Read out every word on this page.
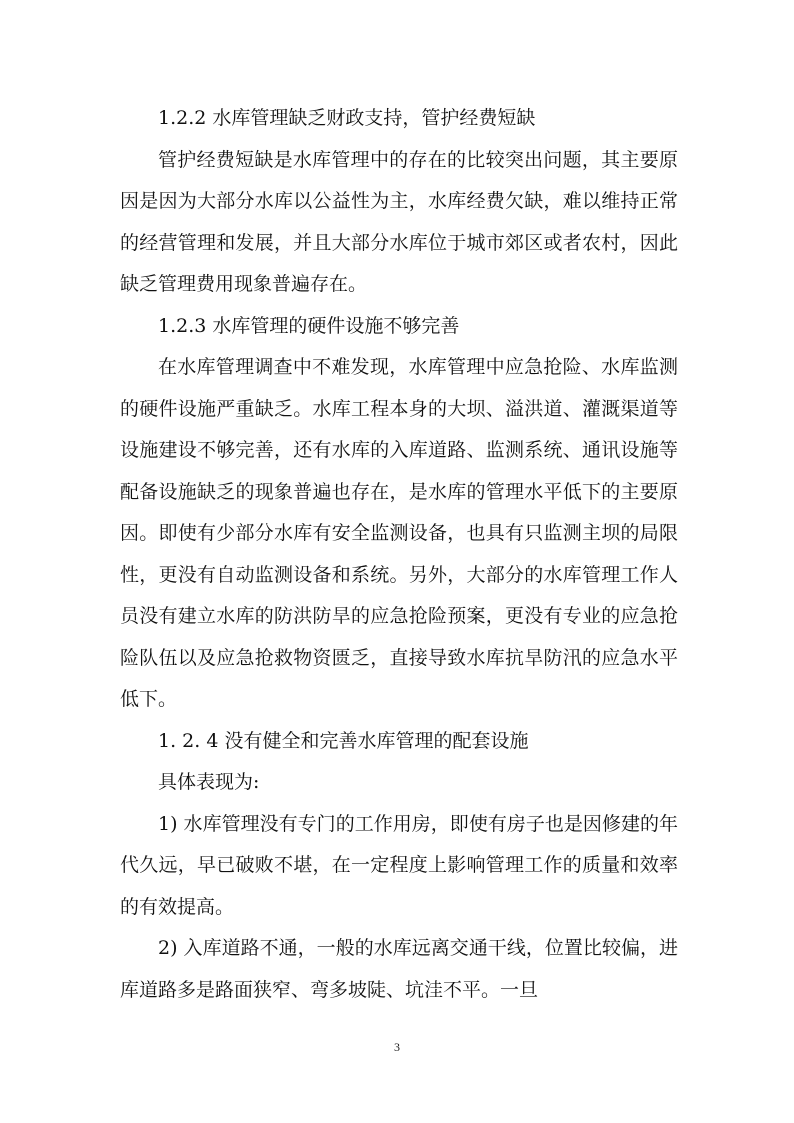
1.2.2 水库管理缺乏财政支持，管护经费短缺

管护经费短缺是水库管理中的存在的比较突出问题，其主要原因是因为大部分水库以公益性为主，水库经费欠缺，难以维持正常的经营管理和发展，并且大部分水库位于城市郊区或者农村，因此缺乏管理费用现象普遍存在。

1.2.3 水库管理的硬件设施不够完善

在水库管理调查中不难发现，水库管理中应急抢险、水库监测的硬件设施严重缺乏。水库工程本身的大坝、溢洪道、灌溉渠道等设施建设不够完善，还有水库的入库道路、监测系统、通讯设施等配备设施缺乏的现象普遍也存在，是水库的管理水平低下的主要原因。即使有少部分水库有安全监测设备，也具有只监测主坝的局限性，更没有自动监测设备和系统。另外，大部分的水库管理工作人员没有建立水库的防洪防旱的应急抢险预案，更没有专业的应急抢险队伍以及应急抢救物资匮乏，直接导致水库抗旱防汛的应急水平低下。

1. 2. 4 没有健全和完善水库管理的配套设施

具体表现为:

1) 水库管理没有专门的工作用房，即使有房子也是因修建的年代久远，早已破败不堪，在一定程度上影响管理工作的质量和效率的有效提高。

2) 入库道路不通，一般的水库远离交通干线，位置比较偏，进库道路多是路面狭窄、弯多坡陡、坑洼不平。一旦

3
